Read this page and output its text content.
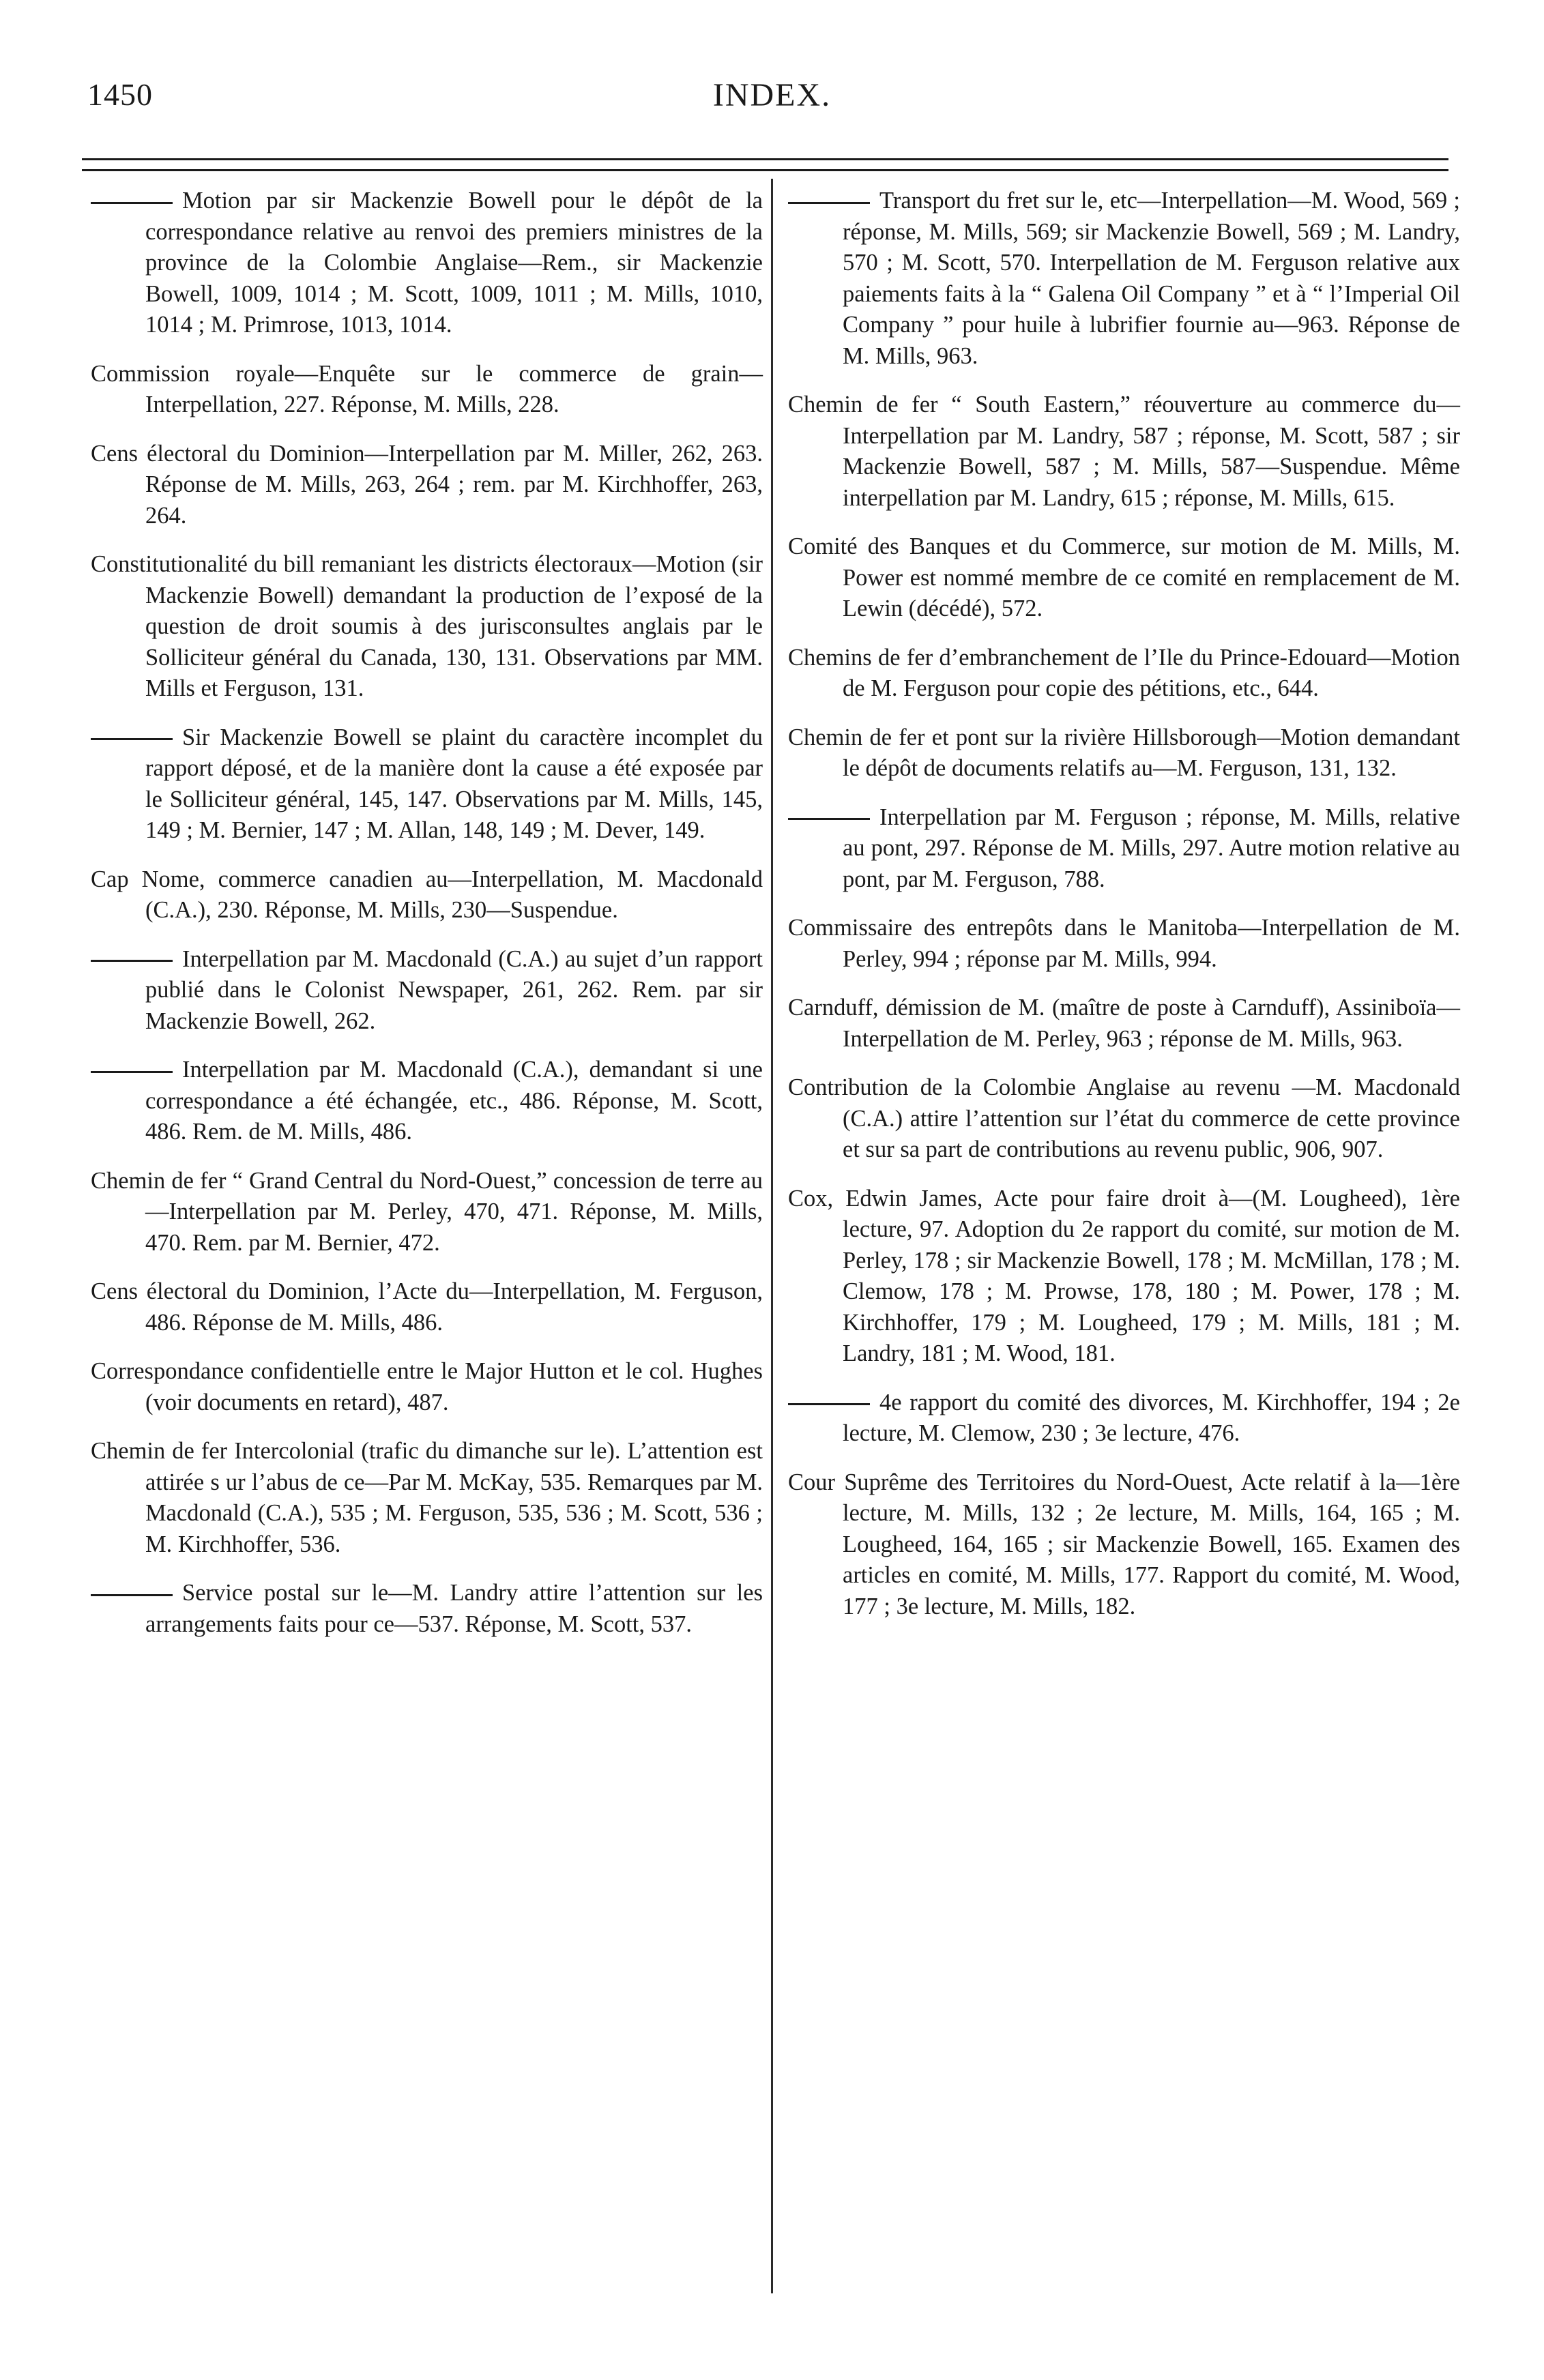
1450	INDEX.

Motion par sir Mackenzie Bowell pour le dépôt de la correspondance relative au renvoi des premiers ministres de la province de la Colombie Anglaise—Rem., sir Mackenzie Bowell, 1009, 1014 ; M. Scott, 1009, 1011 ; M. Mills, 1010, 1014 ; M. Primrose, 1013, 1014.

Commission royale—Enquête sur le commerce de grain—Interpellation, 227. Réponse, M. Mills, 228.

Cens électoral du Dominion—Interpellation par M. Miller, 262, 263. Réponse de M. Mills, 263, 264 ; rem. par M. Kirchhoffer, 263, 264.

Constitutionalité du bill remaniant les districts électoraux—Motion (sir Mackenzie Bowell) demandant la production de l’exposé de la question de droit soumis à des jurisconsultes anglais par le Solliciteur général du Canada, 130, 131. Observations par MM. Mills et Ferguson, 131.

Sir Mackenzie Bowell se plaint du caractère incomplet du rapport déposé, et de la manière dont la cause a été exposée par le Solliciteur général, 145, 147. Observations par M. Mills, 145, 149 ; M. Bernier, 147 ; M. Allan, 148, 149 ; M. Dever, 149.

Cap Nome, commerce canadien au—Interpellation, M. Macdonald (C.A.), 230. Réponse, M. Mills, 230—Suspendue.

Interpellation par M. Macdonald (C.A.) au sujet d’un rapport publié dans le Colonist Newspaper, 261, 262. Rem. par sir Mackenzie Bowell, 262.

Interpellation par M. Macdonald (C.A.), demandant si une correspondance a été échangée, etc., 486. Réponse, M. Scott, 486. Rem. de M. Mills, 486.

Chemin de fer “ Grand Central du Nord-Ouest,” concession de terre au—Interpellation par M. Perley, 470, 471. Réponse, M. Mills, 470. Rem. par M. Bernier, 472.

Cens électoral du Dominion, l’Acte du—Interpellation, M. Ferguson, 486. Réponse de M. Mills, 486.

Correspondance confidentielle entre le Major Hutton et le col. Hughes (voir documents en retard), 487.

Chemin de fer Intercolonial (trafic du dimanche sur le). L’attention est attirée s ur l’abus de ce—Par M. McKay, 535. Remarques par M. Macdonald (C.A.), 535 ; M. Ferguson, 535, 536 ; M. Scott, 536 ; M. Kirchhoffer, 536.

Service postal sur le—M. Landry attire l’attention sur les arrangements faits pour ce—537. Réponse, M. Scott, 537.

Transport du fret sur le, etc—Interpellation—M. Wood, 569 ; réponse, M. Mills, 569; sir Mackenzie Bowell, 569 ; M. Landry, 570 ; M. Scott, 570. Interpellation de M. Ferguson relative aux paiements faits à la “ Galena Oil Company ” et à “ l’Imperial Oil Company ” pour huile à lubrifier fournie au—963. Réponse de M. Mills, 963.

Chemin de fer “ South Eastern,” réouverture au commerce du—Interpellation par M. Landry, 587 ; réponse, M. Scott, 587 ; sir Mackenzie Bowell, 587 ; M. Mills, 587—Suspendue. Même interpellation par M. Landry, 615 ; réponse, M. Mills, 615.

Comité des Banques et du Commerce, sur motion de M. Mills, M. Power est nommé membre de ce comité en remplacement de M. Lewin (décédé), 572.

Chemins de fer d’embranchement de l’Ile du Prince-Edouard—Motion de M. Ferguson pour copie des pétitions, etc., 644.

Chemin de fer et pont sur la rivière Hillsborough—Motion demandant le dépôt de documents relatifs au—M. Ferguson, 131, 132.

Interpellation par M. Ferguson ; réponse, M. Mills, relative au pont, 297. Réponse de M. Mills, 297. Autre motion relative au pont, par M. Ferguson, 788.

Commissaire des entrepôts dans le Manitoba—Interpellation de M. Perley, 994 ; réponse par M. Mills, 994.

Carnduff, démission de M. (maître de poste à Carnduff), Assiniboïa—Interpellation de M. Perley, 963 ; réponse de M. Mills, 963.

Contribution de la Colombie Anglaise au revenu —M. Macdonald (C.A.) attire l’attention sur l’état du commerce de cette province et sur sa part de contributions au revenu public, 906, 907.

Cox, Edwin James, Acte pour faire droit à—(M. Lougheed), 1ère lecture, 97. Adoption du 2e rapport du comité, sur motion de M. Perley, 178 ; sir Mackenzie Bowell, 178 ; M. McMillan, 178 ; M. Clemow, 178 ; M. Prowse, 178, 180 ; M. Power, 178 ; M. Kirchhoffer, 179 ; M. Lougheed, 179 ; M. Mills, 181 ; M. Landry, 181 ; M. Wood, 181.

4e rapport du comité des divorces, M. Kirchhoffer, 194 ; 2e lecture, M. Clemow, 230 ; 3e lecture, 476.

Cour Suprême des Territoires du Nord-Ouest, Acte relatif à la—1ère lecture, M. Mills, 132 ; 2e lecture, M. Mills, 164, 165 ; M. Lougheed, 164, 165 ; sir Mackenzie Bowell, 165. Examen des articles en comité, M. Mills, 177. Rapport du comité, M. Wood, 177 ; 3e lecture, M. Mills, 182.
